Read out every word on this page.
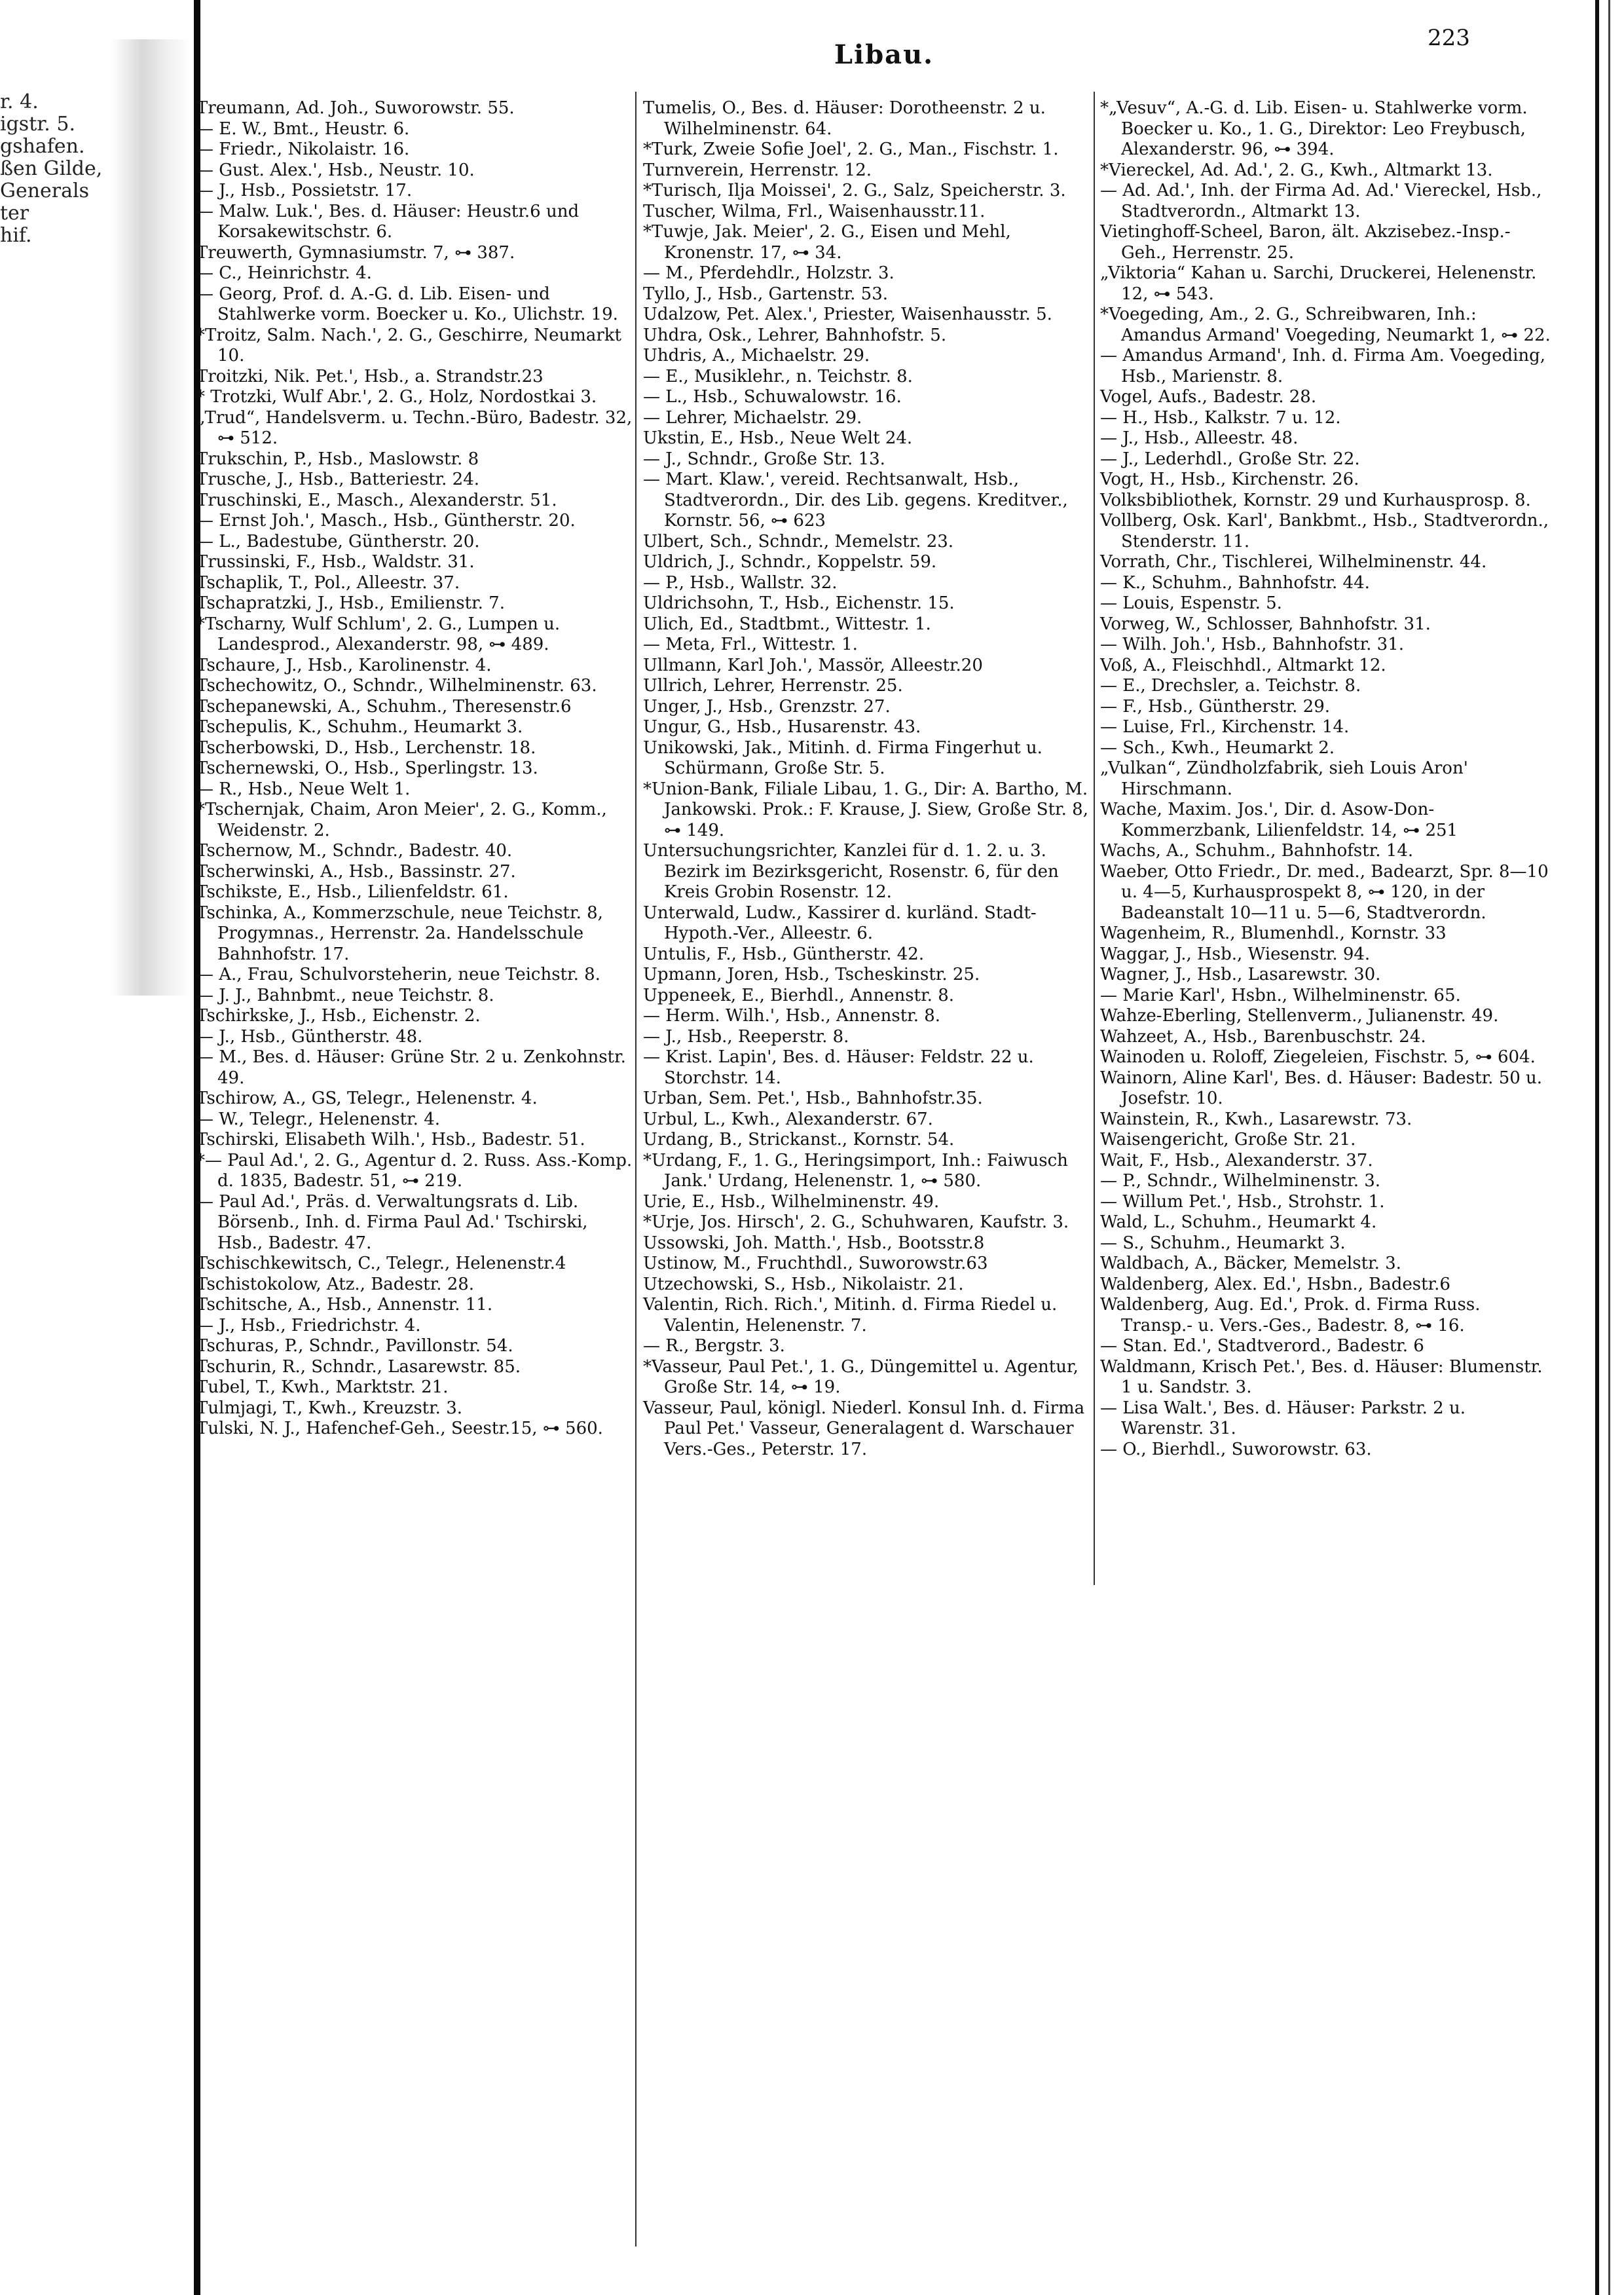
r. 4.
igstr. 5.
gshafen.
ßen Gilde,
Generals
ter
hif.
Libau.
223

Treumann, Ad. Joh., Suworowstr. 55.

— E. W., Bmt., Heustr. 6.

— Friedr., Nikolaistr. 16.

— Gust. Alex.', Hsb., Neustr. 10.

— J., Hsb., Possietstr. 17.

— Malw. Luk.', Bes. d. Häuser: Heustr.6 und Korsakewitschstr. 6.

Treuwerth, Gymnasiumstr. 7, ⊶ 387.

— C., Heinrichstr. 4.

— Georg, Prof. d. A.-G. d. Lib. Eisen- und Stahlwerke vorm. Boecker u. Ko., Ulichstr. 19.

*Troitz, Salm. Nach.', 2. G., Geschirre, Neumarkt 10.

Troitzki, Nik. Pet.', Hsb., a. Strandstr.23

* Trotzki, Wulf Abr.', 2. G., Holz, Nordostkai 3.

„Trud“, Handelsverm. u. Techn.-Büro, Badestr. 32, ⊶ 512.

Trukschin, P., Hsb., Maslowstr. 8

Trusche, J., Hsb., Batteriestr. 24.

Truschinski, E., Masch., Alexanderstr. 51.

— Ernst Joh.', Masch., Hsb., Güntherstr. 20.

— L., Badestube, Güntherstr. 20.

Trussinski, F., Hsb., Waldstr. 31.

Tschaplik, T., Pol., Alleestr. 37.

Tschapratzki, J., Hsb., Emilienstr. 7.

*Tscharny, Wulf Schlum', 2. G., Lumpen u. Landesprod., Alexanderstr. 98, ⊶ 489.

Tschaure, J., Hsb., Karolinenstr. 4.

Tschechowitz, O., Schndr., Wilhelminenstr. 63.

Tschepanewski, A., Schuhm., Theresenstr.6

Tschepulis, K., Schuhm., Heumarkt 3.

Tscherbowski, D., Hsb., Lerchenstr. 18.

Tschernewski, O., Hsb., Sperlingstr. 13.

— R., Hsb., Neue Welt 1.

*Tschernjak, Chaim, Aron Meier', 2. G., Komm., Weidenstr. 2.

Tschernow, M., Schndr., Badestr. 40.

Tscherwinski, A., Hsb., Bassinstr. 27.

Tschikste, E., Hsb., Lilienfeldstr. 61.

Tschinka, A., Kommerzschule, neue Teichstr. 8, Progymnas., Herrenstr. 2a. Handelsschule Bahnhofstr. 17.

— A., Frau, Schulvorsteherin, neue Teichstr. 8.

— J. J., Bahnbmt., neue Teichstr. 8.

Tschirkske, J., Hsb., Eichenstr. 2.

— J., Hsb., Güntherstr. 48.

— M., Bes. d. Häuser: Grüne Str. 2 u. Zenkohnstr. 49.

Tschirow, A., GS, Telegr., Helenenstr. 4.

— W., Telegr., Helenenstr. 4.

Tschirski, Elisabeth Wilh.', Hsb., Badestr. 51.

*— Paul Ad.', 2. G., Agentur d. 2. Russ. Ass.-Komp. d. 1835, Badestr. 51, ⊶ 219.

— Paul Ad.', Präs. d. Verwaltungsrats d. Lib. Börsenb., Inh. d. Firma Paul Ad.' Tschirski, Hsb., Badestr. 47.

Tschischkewitsch, C., Telegr., Helenenstr.4

Tschistokolow, Atz., Badestr. 28.

Tschitsche, A., Hsb., Annenstr. 11.

— J., Hsb., Friedrichstr. 4.

Tschuras, P., Schndr., Pavillonstr. 54.

Tschurin, R., Schndr., Lasarewstr. 85.

Tubel, T., Kwh., Marktstr. 21.

Tulmjagi, T., Kwh., Kreuzstr. 3.

Tulski, N. J., Hafenchef-Geh., Seestr.15, ⊶ 560.

Tumelis, O., Bes. d. Häuser: Dorotheenstr. 2 u. Wilhelminenstr. 64.

*Turk, Zweie Sofie Joel', 2. G., Man., Fischstr. 1.

Turnverein, Herrenstr. 12.

*Turisch, Ilja Moissei', 2. G., Salz, Speicherstr. 3.

Tuscher, Wilma, Frl., Waisenhausstr.11.

*Tuwje, Jak. Meier', 2. G., Eisen und Mehl, Kronenstr. 17, ⊶ 34.

— M., Pferdehdlr., Holzstr. 3.

Tyllo, J., Hsb., Gartenstr. 53.

Udalzow, Pet. Alex.', Priester, Waisenhausstr. 5.

Uhdra, Osk., Lehrer, Bahnhofstr. 5.

Uhdris, A., Michaelstr. 29.

— E., Musiklehr., n. Teichstr. 8.

— L., Hsb., Schuwalowstr. 16.

— Lehrer, Michaelstr. 29.

Ukstin, E., Hsb., Neue Welt 24.

— J., Schndr., Große Str. 13.

— Mart. Klaw.', vereid. Rechtsanwalt, Hsb., Stadtverordn., Dir. des Lib. gegens. Kreditver., Kornstr. 56, ⊶ 623

Ulbert, Sch., Schndr., Memelstr. 23.

Uldrich, J., Schndr., Koppelstr. 59.

— P., Hsb., Wallstr. 32.

Uldrichsohn, T., Hsb., Eichenstr. 15.

Ulich, Ed., Stadtbmt., Wittestr. 1.

— Meta, Frl., Wittestr. 1.

Ullmann, Karl Joh.', Massör, Alleestr.20

Ullrich, Lehrer, Herrenstr. 25.

Unger, J., Hsb., Grenzstr. 27.

Ungur, G., Hsb., Husarenstr. 43.

Unikowski, Jak., Mitinh. d. Firma Fingerhut u. Schürmann, Große Str. 5.

*Union-Bank, Filiale Libau, 1. G., Dir: A. Bartho, M. Jankowski. Prok.: F. Krause, J. Siew, Große Str. 8, ⊶ 149.

Untersuchungsrichter, Kanzlei für d. 1. 2. u. 3. Bezirk im Bezirksgericht, Rosenstr. 6, für den Kreis Grobin Rosenstr. 12.

Unterwald, Ludw., Kassirer d. kurländ. Stadt-Hypoth.-Ver., Alleestr. 6.

Untulis, F., Hsb., Güntherstr. 42.

Upmann, Joren, Hsb., Tscheskinstr. 25.

Uppeneek, E., Bierhdl., Annenstr. 8.

— Herm. Wilh.', Hsb., Annenstr. 8.

— J., Hsb., Reeperstr. 8.

— Krist. Lapin', Bes. d. Häuser: Feldstr. 22 u. Storchstr. 14.

Urban, Sem. Pet.', Hsb., Bahnhofstr.35.

Urbul, L., Kwh., Alexanderstr. 67.

Urdang, B., Strickanst., Kornstr. 54.

*Urdang, F., 1. G., Heringsimport, Inh.: Faiwusch Jank.' Urdang, Helenenstr. 1, ⊶ 580.

Urie, E., Hsb., Wilhelminenstr. 49.

*Urje, Jos. Hirsch', 2. G., Schuhwaren, Kaufstr. 3.

Ussowski, Joh. Matth.', Hsb., Bootsstr.8

Ustinow, M., Fruchthdl., Suworowstr.63

Utzechowski, S., Hsb., Nikolaistr. 21.

Valentin, Rich. Rich.', Mitinh. d. Firma Riedel u. Valentin, Helenenstr. 7.

— R., Bergstr. 3.

*Vasseur, Paul Pet.', 1. G., Düngemittel u. Agentur, Große Str. 14, ⊶ 19.

Vasseur, Paul, königl. Niederl. Konsul Inh. d. Firma Paul Pet.' Vasseur, Generalagent d. Warschauer Vers.-Ges., Peterstr. 17.

*„Vesuv“, A.-G. d. Lib. Eisen- u. Stahlwerke vorm. Boecker u. Ko., 1. G., Direktor: Leo Freybusch, Alexanderstr. 96, ⊶ 394.

*Viereckel, Ad. Ad.', 2. G., Kwh., Altmarkt 13.

— Ad. Ad.', Inh. der Firma Ad. Ad.' Viereckel, Hsb., Stadtverordn., Altmarkt 13.

Vietinghoff-Scheel, Baron, ält. Akzisebez.-Insp.-Geh., Herrenstr. 25.

„Viktoria“ Kahan u. Sarchi, Druckerei, Helenenstr. 12, ⊶ 543.

*Voegeding, Am., 2. G., Schreibwaren, Inh.: Amandus Armand' Voegeding, Neumarkt 1, ⊶ 22.

— Amandus Armand', Inh. d. Firma Am. Voegeding, Hsb., Marienstr. 8.

Vogel, Aufs., Badestr. 28.

— H., Hsb., Kalkstr. 7 u. 12.

— J., Hsb., Alleestr. 48.

— J., Lederhdl., Große Str. 22.

Vogt, H., Hsb., Kirchenstr. 26.

Volksbibliothek, Kornstr. 29 und Kurhausprosp. 8.

Vollberg, Osk. Karl', Bankbmt., Hsb., Stadtverordn., Stenderstr. 11.

Vorrath, Chr., Tischlerei, Wilhelminenstr. 44.

— K., Schuhm., Bahnhofstr. 44.

— Louis, Espenstr. 5.

Vorweg, W., Schlosser, Bahnhofstr. 31.

— Wilh. Joh.', Hsb., Bahnhofstr. 31.

Voß, A., Fleischhdl., Altmarkt 12.

— E., Drechsler, a. Teichstr. 8.

— F., Hsb., Güntherstr. 29.

— Luise, Frl., Kirchenstr. 14.

— Sch., Kwh., Heumarkt 2.

„Vulkan“, Zündholzfabrik, sieh Louis Aron' Hirschmann.

Wache, Maxim. Jos.', Dir. d. Asow-Don-Kommerzbank, Lilienfeldstr. 14, ⊶ 251

Wachs, A., Schuhm., Bahnhofstr. 14.

Waeber, Otto Friedr., Dr. med., Badearzt, Spr. 8—10 u. 4—5, Kurhausprospekt 8, ⊶ 120, in der Badeanstalt 10—11 u. 5—6, Stadtverordn.

Wagenheim, R., Blumenhdl., Kornstr. 33

Waggar, J., Hsb., Wiesenstr. 94.

Wagner, J., Hsb., Lasarewstr. 30.

— Marie Karl', Hsbn., Wilhelminenstr. 65.

Wahzе-Eberling, Stellenverm., Julianenstr. 49.

Wahzeet, A., Hsb., Barenbuschstr. 24.

Wainoden u. Roloff, Ziegeleien, Fischstr. 5, ⊶ 604.

Wainorn, Aline Karl', Bes. d. Häuser: Badestr. 50 u. Josefstr. 10.

Wainstein, R., Kwh., Lasarewstr. 73.

Waisengericht, Große Str. 21.

Wait, F., Hsb., Alexanderstr. 37.

— P., Schndr., Wilhelminenstr. 3.

— Willum Pet.', Hsb., Strohstr. 1.

Wald, L., Schuhm., Heumarkt 4.

— S., Schuhm., Heumarkt 3.

Waldbach, A., Bäcker, Memelstr. 3.

Waldenberg, Alex. Ed.', Hsbn., Badestr.6

Waldenberg, Aug. Ed.', Prok. d. Firma Russ. Transp.- u. Vers.-Ges., Badestr. 8, ⊶ 16.

— Stan. Ed.', Stadtverord., Badestr. 6

Waldmann, Krisch Pet.', Bes. d. Häuser: Blumenstr. 1 u. Sandstr. 3.

— Lisa Walt.', Bes. d. Häuser: Parkstr. 2 u. Warenstr. 31.

— O., Bierhdl., Suworowstr. 63.
